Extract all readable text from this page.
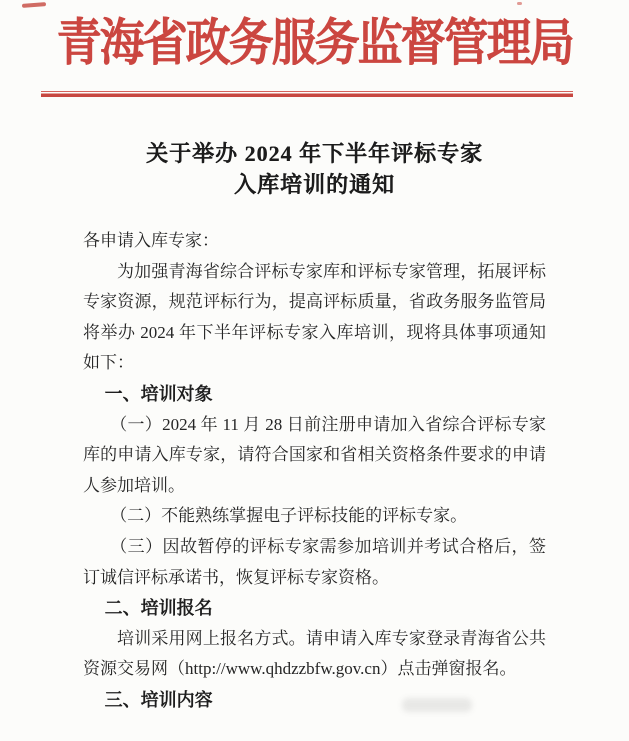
青海省政务服务监督管理局
关于举办 2024 年下半年评标专家
入库培训的通知

各申请入库专家：

为加强青海省综合评标专家库和评标专家管理，拓展评标专家资源，规范评标行为，提高评标质量，省政务服务监管局将举办 2024 年下半年评标专家入库培训，现将具体事项通知如下：

一、培训对象

（一）2024 年 11 月 28 日前注册申请加入省综合评标专家库的申请入库专家，请符合国家和省相关资格条件要求的申请人参加培训。

（二）不能熟练掌握电子评标技能的评标专家。

（三）因故暂停的评标专家需参加培训并考试合格后，签订诚信评标承诺书，恢复评标专家资格。

二、培训报名

培训采用网上报名方式。请申请入库专家登录青海省公共资源交易网（http://www.qhdzzbfw.gov.cn）点击弹窗报名。

三、培训内容
